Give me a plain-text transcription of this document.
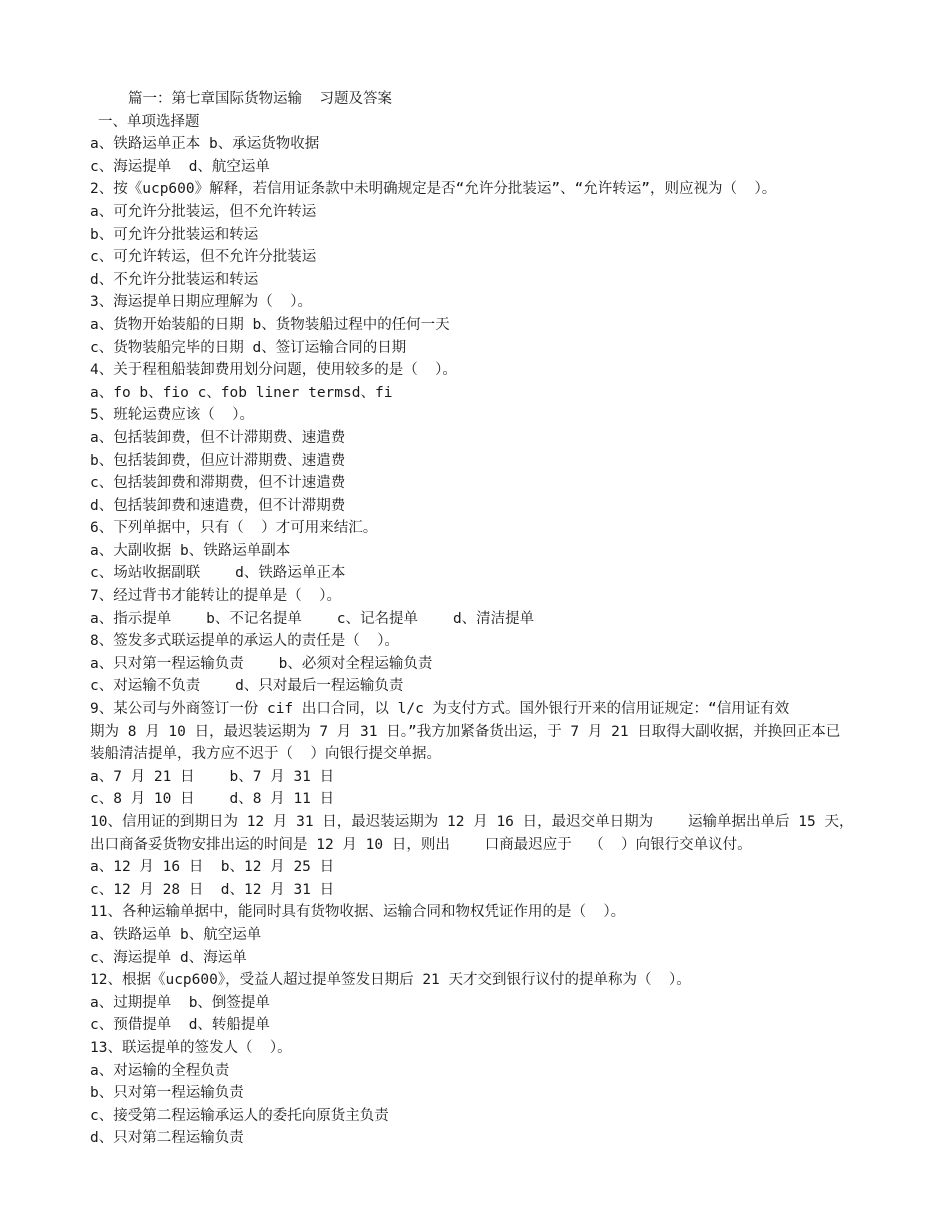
篇一：第七章国际货物运输  习题及答案

一、单项选择题

a、铁路运单正本 b、承运货物收据

c、海运提单  d、航空运单

2、按《ucp600》解释，若信用证条款中未明确规定是否“允许分批装运”、“允许转运”，则应视为（  ）。

a、可允许分批装运，但不允许转运

b、可允许分批装运和转运

c、可允许转运，但不允许分批装运

d、不允许分批装运和转运

3、海运提单日期应理解为（  ）。

a、货物开始装船的日期 b、货物装船过程中的任何一天

c、货物装船完毕的日期 d、签订运输合同的日期

4、关于程租船装卸费用划分问题，使用较多的是（  ）。

a、fo b、fio c、fob liner termsd、fi

5、班轮运费应该（  ）。

a、包括装卸费，但不计滞期费、速遣费

b、包括装卸费，但应计滞期费、速遣费

c、包括装卸费和滞期费，但不计速遣费

d、包括装卸费和速遣费，但不计滞期费

6、下列单据中，只有（  ）才可用来结汇。

a、大副收据 b、铁路运单副本

c、场站收据副联    d、铁路运单正本

7、经过背书才能转让的提单是（  ）。

a、指示提单    b、不记名提单    c、记名提单    d、清洁提单

8、签发多式联运提单的承运人的责任是（  ）。

a、只对第一程运输负责    b、必须对全程运输负责

c、对运输不负责    d、只对最后一程运输负责

9、某公司与外商签订一份 cif 出口合同，以 l/c 为支付方式。国外银行开来的信用证规定：“信用证有效

期为 8 月 10 日，最迟装运期为 7 月 31 日。”我方加紧备货出运，于 7 月 21 日取得大副收据，并换回正本已

装船清洁提单，我方应不迟于（  ）向银行提交单据。

a、7 月 21 日    b、7 月 31 日

c、8 月 10 日    d、8 月 11 日

10、信用证的到期日为 12 月 31 日，最迟装运期为 12 月 16 日，最迟交单日期为    运输单据出单后 15 天，

出口商备妥货物安排出运的时间是 12 月 10 日，则出    口商最迟应于  （  ）向银行交单议付。

a、12 月 16 日  b、12 月 25 日

c、12 月 28 日  d、12 月 31 日

11、各种运输单据中，能同时具有货物收据、运输合同和物权凭证作用的是（  ）。

a、铁路运单 b、航空运单

c、海运提单 d、海运单

12、根据《ucp600》，受益人超过提单签发日期后 21 天才交到银行议付的提单称为（  ）。

a、过期提单  b、倒签提单

c、预借提单  d、转船提单

13、联运提单的签发人（  ）。

a、对运输的全程负责

b、只对第一程运输负责

c、接受第二程运输承运人的委托向原货主负责

d、只对第二程运输负责
